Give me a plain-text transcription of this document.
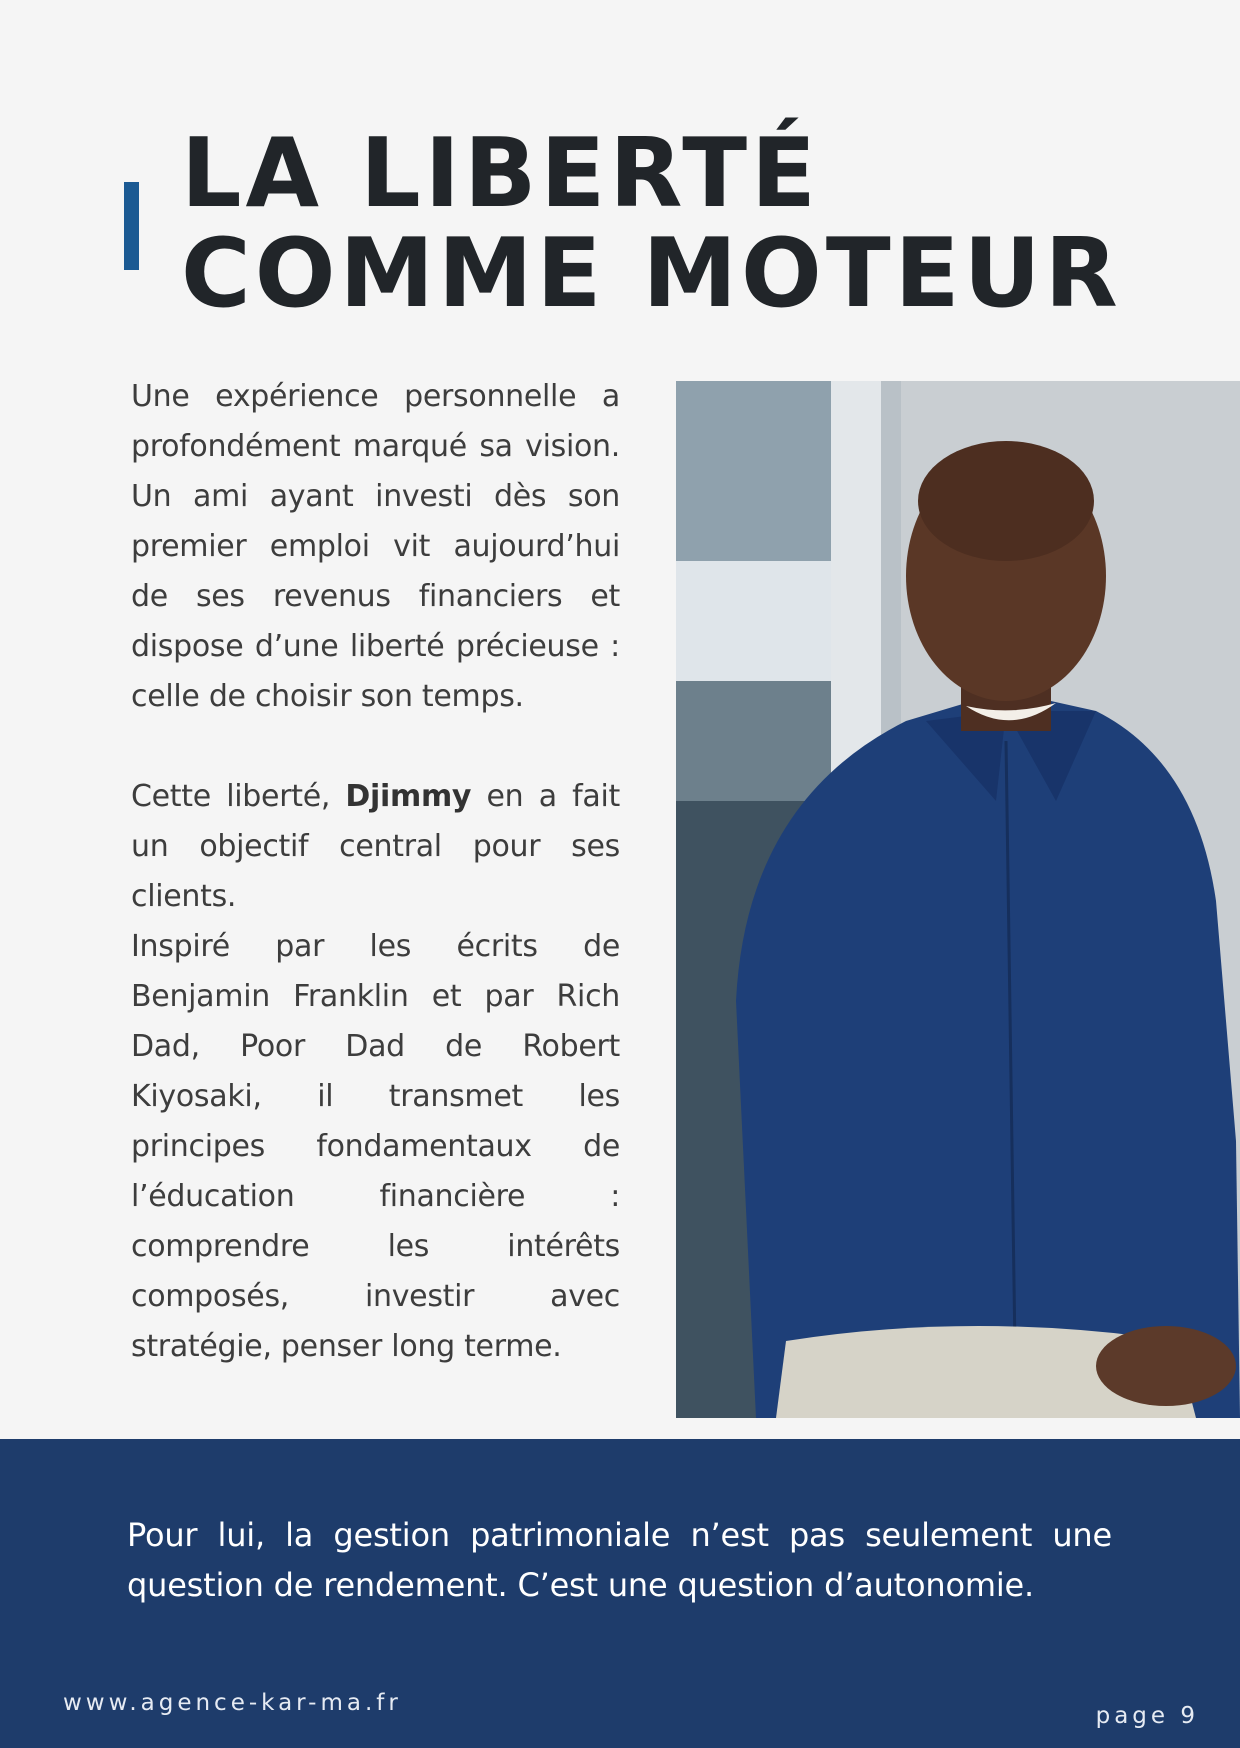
LA LIBERTÉ
COMME MOTEUR

Une expérience personnelle a profondément marqué sa vision. Un ami ayant investi dès son premier emploi vit aujourd’hui de ses revenus financiers et dispose d’une liberté précieuse : celle de choisir son temps.

Cette liberté, Djimmy en a fait un objectif central pour ses clients.

Inspiré par les écrits de Benjamin Franklin et par Rich Dad, Poor Dad de Robert Kiyosaki, il transmet les principes fondamentaux de l’éducation financière : comprendre les intérêts composés, investir avec stratégie, penser long terme.

Pour lui, la gestion patrimoniale n’est pas seulement une question de rendement. C’est une question d’autonomie.

www.agence-kar-ma.fr	page 9
